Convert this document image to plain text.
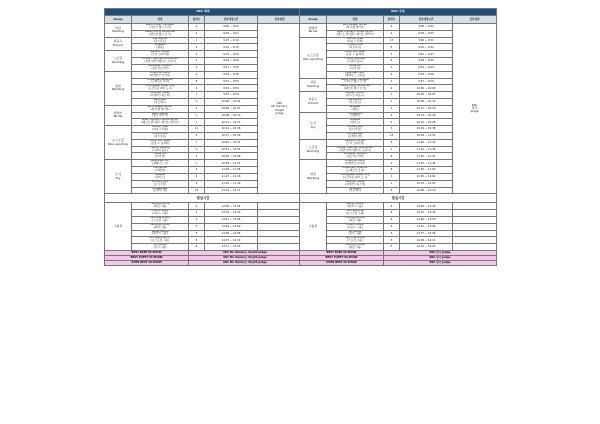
AKC 좌측				
Group	견종	출전수	심사예정시간	심사위원
하딩
Herding	Welsh Corgi, Cardigan
(카디건 웰시 코기)	1	9:00 ~ 9:02	AKC
Mr. Daniel J.
Smyth
Judge
	Welsh Corgi, Pembroke
(펨브록 웰시 코기)	2	9:02 ~ 9:07	
하운드
Hound	Dachshund
(닥스훈트)	1	9:07 ~ 9:10	
	Whippet
(휘핏)	2	9:10 ~ 9:15	
스포팅
Sporting	Spaniel, Cocker
(코커 스파니엘)	3	9:15 ~ 9:22	
	Pointer, German Wirehaired
(저먼 와이어헤어드 포인터)	1	9:24 ~ 9:26	
	Retriever, Golden
(골든리트리버)	3	9:27 ~ 9:33	
워킹
Working	American Akita
(아메리칸 아키다)	1	9:34 ~ 9:36	
	Doberman Pinscher
(도베르만 핀셔)	8	9:37 ~ 9:53	
	Portuguese Water Dog
(포르투갈 워터 도그)	1	9:54 ~ 9:56	
	Siberian Husky
(시베리안 허스키)	1	9:57 ~ 9:59	
	Samoyed
(사모예드)	2	10:00 ~ 10:04	
테리어
Terrier	Jack Russell Terrier
(잭 러셀 테리어)	1	10:05 ~ 10:07	
	Welsh terrier
(웰시 테리어)	1	10:08 ~ 10:10	
	West Highland White Terrier
(웨스트 하이랜드 화이트 테리어)	1	10:11 ~ 10:13	
논스포팅
Non-sporting	Bichon Frise
(비숑 프리제)	11	10:14 ~ 10:36	
	Chow Chow
(차우차우)	5	10:37 ~ 10:39	
	Coton De Tulear
(꼬똥 드 툴레아)	7	10:40 ~ 10:54	
	French Bulldog
(프렌치 불독)	2	10:53 ~ 10:55	
	Shiba Inu
(시바 견)	1	10:56 ~ 10:58	
토이
Toy	Japanese Chin
(재패니즈 친)	1	10:59 ~ 11:01	
	Chihuahua
(치와와)	2	11:02 ~ 11:06	
	Maltese
(말티즈)	6	11:07 ~ 11:18	
	Poodle (Toy)
(토이 푸들)	5	11:20 ~ 11:29	
	Pomeranian
(포메라니안)	23	11:31 ~ 12:17	
점심시간				
그룹전	Herding Group
(허딩 그룹)	2	13:30 ~ 13:34	
	Hound Group
(하운드 그룹)	3	13:35 ~ 13:40	
	Sporting Group
(스포팅 그룹)	3	13:41 ~ 13:46	
	Working Group
(워킹 그룹)	5	13:49 ~ 13:59	
	Terrier Group
(테리어 그룹)	3	14:00 ~ 14:06	
	Non-sporting Gr.
(논스포팅 그룹)	5	14:07 ~ 14:13	
	Toy Group
(토이 그룹)	6	14:17 ~ 14:25	
BEST BABY IN SHOW		AKC Mr. Daniel J. Smyth Judge		
BEST PUPPY IN SHOW		AKC Mr. Daniel J. Smyth Judge		
OPEN BEST IN SHOW		AKC Mr. Daniel J. Smyth Judge		
KKC 우측				
Group	견종	출전수	심사예정시간	심사위원
테리어
Terrier	Jack Russell Terrier
(잭 러셀 테리어)	1	9:00 ~ 9:02	KKC
한국
Judge
	West Highland White Terrier
(웨스트 하이랜드 화이트 테리어)	1	9:03 ~ 9:05	
논스포팅
Non-sporting	Bichon Frise
(비숑 프리제)	13	9:06 ~ 9:31	
	Chow Chow
(차우차우)	5	9:32 ~ 9:41	
	Coton De Tulear
(꼬똥 드 툴레아)	7	9:42 ~ 9:47	
	French Bulldog
(프렌치 불독)	2	9:48 ~ 9:50	
	Shiba Inu
(시바 견)	1	9:51 ~ 9:53	
	Japanese Spitz
(재패니즈 스피츠)	1	9:54 ~ 9:56	
허딩
Herding	Welsh Corgi, Cardigan
(카디건 웰시 코기)	1	9:57 ~ 9:59	
	Welsh Corgi, Pembroke
(펨브록 웰시 코기)	2	10:00 ~ 10:04	
하운드
Hound	Afghan Hound
(아프간 하운드)	1	10:05 ~ 10:07	
	Dachshund
(닥스훈트)	1	10:08 ~ 10:10	
	Whippet
(휘핏)	1	10:11 ~ 10:13	
토이
Toy	Chihuahua
(치와와)	2	10:14 ~ 10:18	
	Maltese
(말티즈)	4	10:21 ~ 10:28	
	Poodle (Toy)
(토이 푸들)	5	10:29 ~ 10:38	
	Pomeranian
(포메라니안)	23	10:39 ~ 11:25	
스포팅
Sporting	Spaniel, Cocker
(코커 스파니엘)	3	11:26 ~ 11:31	
	Pointer, German Wirehaired
(저먼 와이어헤어드 포인터)	1	11:32 ~ 11:34	
	Retriever, Golden
(골든리트리버)	3	11:35 ~ 11:41	
워킹
Working	American Akita
(아메리칸 아키다)	1	11:42 ~ 11:44	
	Doberman Pinscher
(도베르만 핀셔)	8	11:45 ~ 11:59	
	Portuguese Water Dog
(포르투갈 워터 도그)	1	12:00 ~ 12:02	
	Siberian Husky
(시베리안 허스키)	1	12:03 ~ 12:05	
	Samoyed
(사모예드)	2	12:06 ~ 12:10	
점심시간				
그룹전	Terrier Group
(테리어 그룹)	2	13:30 ~ 13:34	
	Non-sporting
(논스포팅 그룹)	6	13:35 ~ 13:45	
	Herding Group
(허딩 그룹)	2	13:46 ~ 13:50	
	Hound Group
(하운드 그룹)	3	13:51 ~ 13:56	
	Toy Group
(토이 그룹)	4	13:57 ~ 14:05	
	Sporting Group
(스포팅 그룹)	3	14:06 ~ 14:11	
	Working Group
(워킹 그룹)	5	14:12 ~ 14:22	
BEST BABY IN SHOW		KKC 한국 Judge		
BEST PUPPY IN SHOW		KKC 한국 Judge		
OPEN BEST IN SHOW		KKC 한국 Judge		
